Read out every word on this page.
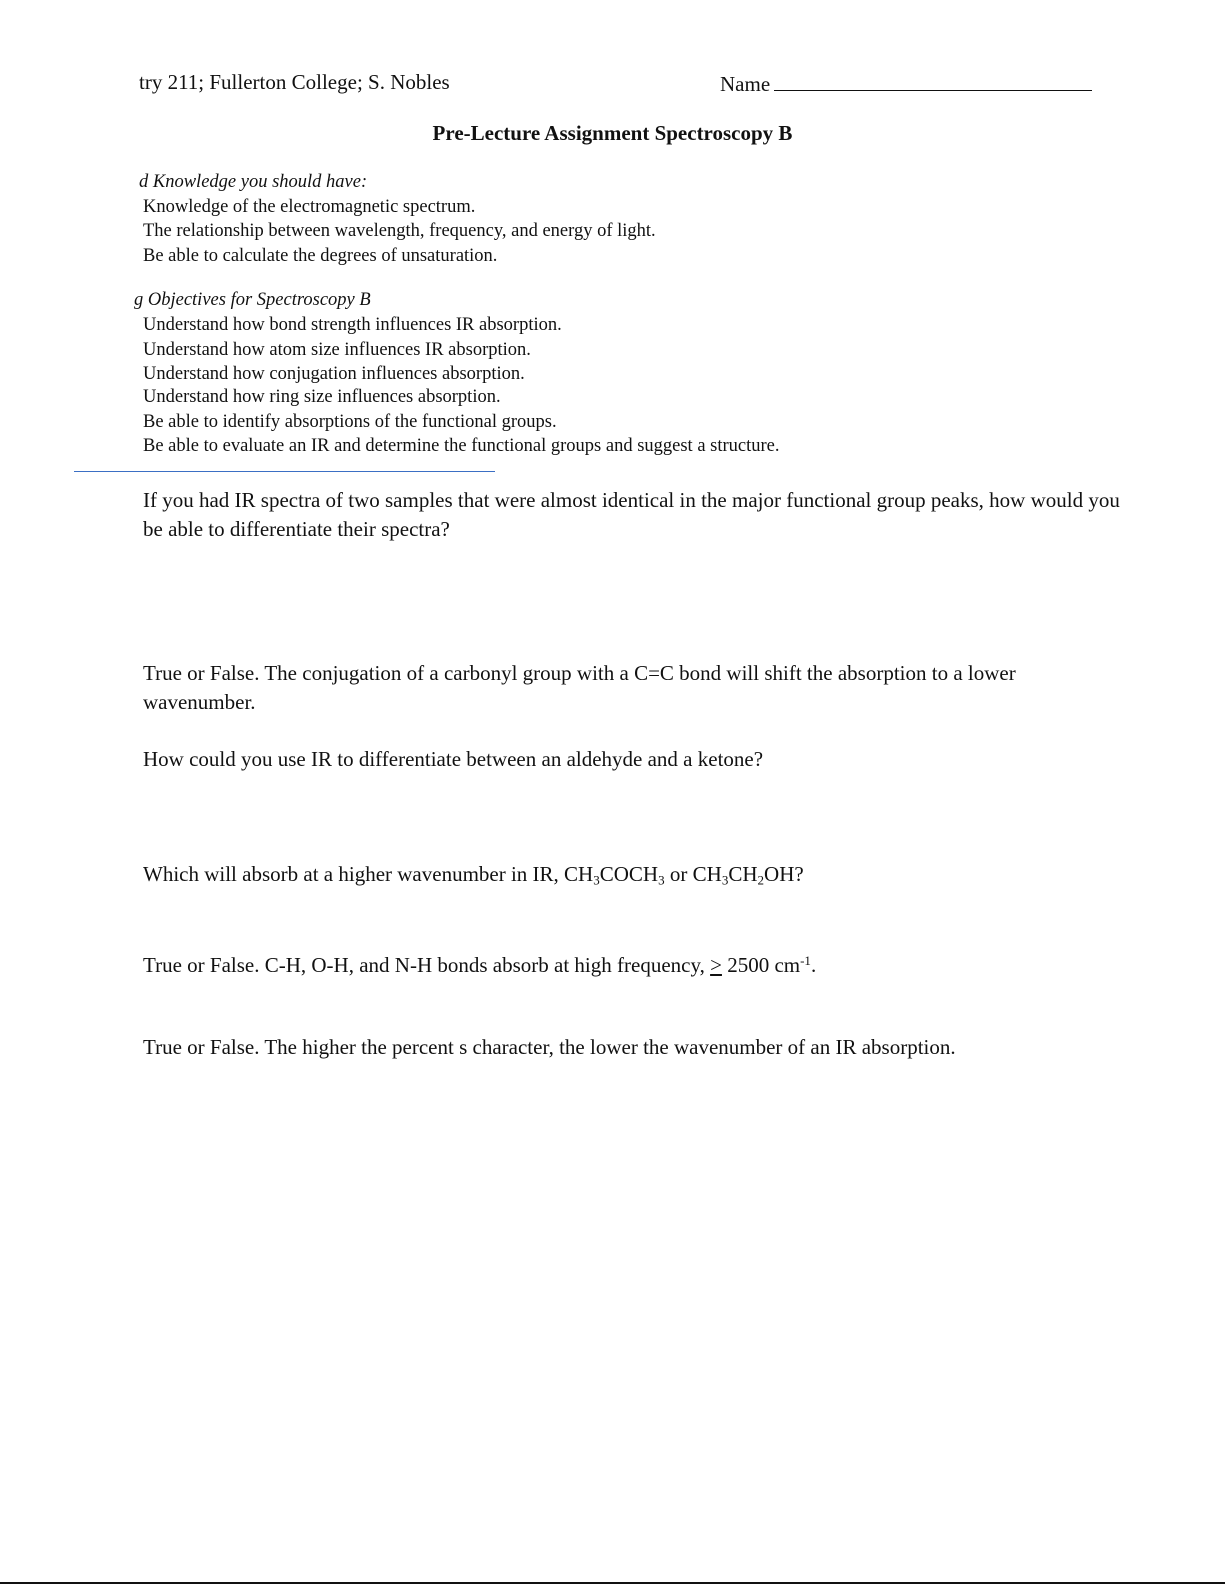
try 211; Fullerton College; S. Nobles	Name
Pre-Lecture Assignment Spectroscopy B
d Knowledge you should have:
Knowledge of the electromagnetic spectrum.
The relationship between wavelength, frequency, and energy of light.
Be able to calculate the degrees of unsaturation.
g Objectives for Spectroscopy B
Understand how bond strength influences IR absorption.
Understand how atom size influences IR absorption.
Understand how conjugation influences absorption.
Understand how ring size influences absorption.
Be able to identify absorptions of the functional groups.
Be able to evaluate an IR and determine the functional groups and suggest a structure.
If you had IR spectra of two samples that were almost identical in the major functional group peaks, how would you be able to differentiate their spectra?
True or False. The conjugation of a carbonyl group with a C=C bond will shift the absorption to a lower wavenumber.
How could you use IR to differentiate between an aldehyde and a ketone?
Which will absorb at a higher wavenumber in IR, $CH_3COCH_3$ or $CH_3CH_2OH$?
True or False. C-H, O-H, and N-H bonds absorb at high frequency, > 2500 $cm^{-1}$.
True or False. The higher the percent s character, the lower the wavenumber of an IR absorption.
